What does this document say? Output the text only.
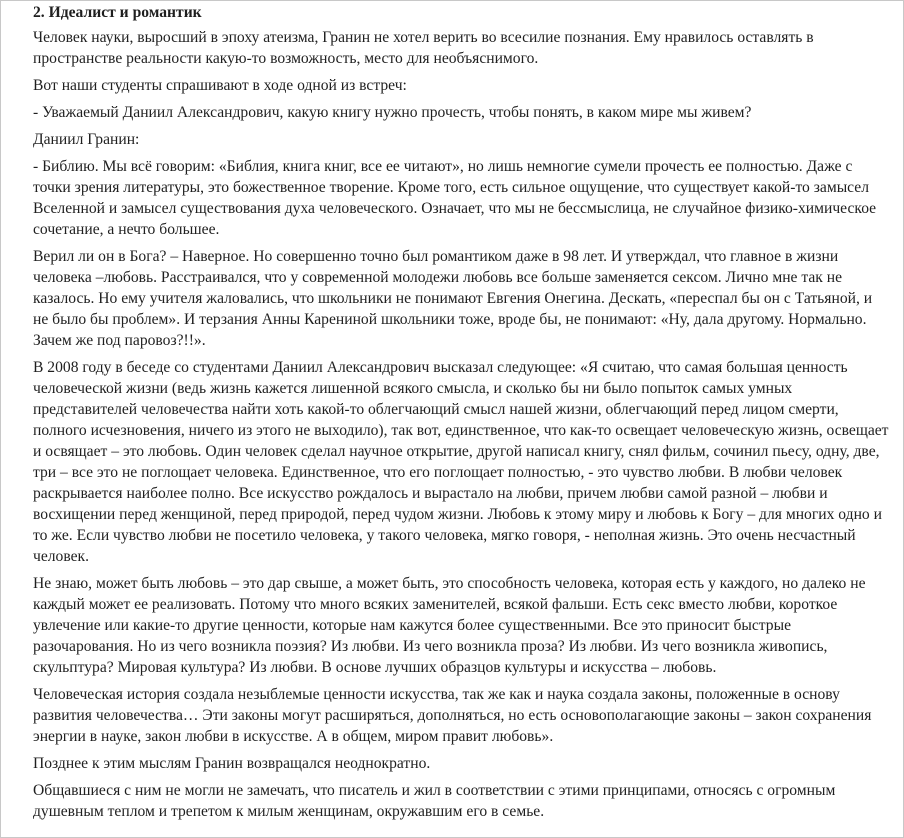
2. Идеалист и романтик

Человек науки, выросший в эпоху атеизма, Гранин не хотел верить во всесилие познания. Ему нравилось оставлять в пространстве реальности какую-то возможность, место для необъяснимого.

Вот наши студенты спрашивают в ходе одной из встреч:

- Уважаемый Даниил Александрович, какую книгу нужно прочесть, чтобы понять, в каком мире мы живем?

Даниил Гранин:

- Библию. Мы всё говорим: «Библия, книга книг, все ее читают», но лишь немногие сумели прочесть ее полностью. Даже с точки зрения литературы, это божественное творение. Кроме того, есть сильное ощущение, что существует какой-то замысел Вселенной и замысел существования духа человеческого. Означает, что мы не бессмыслица, не случайное физико-химическое сочетание, а нечто большее.

Верил ли он в Бога? – Наверное. Но совершенно точно был романтиком даже в 98 лет. И утверждал, что главное в жизни человека –любовь. Расстраивался, что у современной молодежи любовь все больше заменяется сексом. Лично мне так не казалось. Но ему учителя жаловались, что школьники не понимают Евгения Онегина. Дескать, «переспал бы он с Татьяной, и не было бы проблем». И терзания Анны Карениной школьники тоже, вроде бы, не понимают: «Ну, дала другому. Нормально. Зачем же под паровоз?!!».

В 2008 году в беседе со студентами Даниил Александрович высказал следующее: «Я считаю, что самая большая ценность человеческой жизни (ведь жизнь кажется лишенной всякого смысла, и сколько бы ни было попыток самых умных представителей человечества найти хоть какой-то облегчающий смысл нашей жизни, облегчающий перед лицом смерти, полного исчезновения, ничего из этого не выходило), так вот, единственное, что как-то освещает человеческую жизнь, освещает и освящает – это любовь. Один человек сделал научное открытие, другой написал книгу, снял фильм, сочинил пьесу, одну, две, три – все это не поглощает человека. Единственное, что его поглощает полностью, - это чувство любви. В любви человек раскрывается наиболее полно. Все искусство рождалось и вырастало на любви, причем любви самой разной – любви и восхищении перед женщиной, перед природой, перед чудом жизни. Любовь к этому миру и любовь к Богу – для многих одно и то же. Если чувство любви не посетило человека, у такого человека, мягко говоря, - неполная жизнь. Это очень несчастный человек.

Не знаю, может быть любовь – это дар свыше, а может быть, это способность человека, которая есть у каждого, но далеко не каждый может ее реализовать. Потому что много всяких заменителей, всякой фальши. Есть секс вместо любви, короткое увлечение или какие-то другие ценности, которые нам кажутся более существенными. Все это приносит быстрые разочарования. Но из чего возникла поэзия? Из любви. Из чего возникла проза? Из любви. Из чего возникла живопись, скульптура? Мировая культура? Из любви. В основе лучших образцов культуры и искусства – любовь.

Человеческая история создала незыблемые ценности искусства, так же как и наука создала законы, положенные в основу развития человечества… Эти законы могут расширяться, дополняться, но есть основополагающие законы – закон сохранения энергии в науке, закон любви в искусстве. А в общем, миром правит любовь».

Позднее к этим мыслям Гранин возвращался неоднократно.

Общавшиеся с ним не могли не замечать, что писатель и жил в соответствии с этими принципами, относясь с огромным душевным теплом и трепетом к милым женщинам, окружавшим его в семье.
